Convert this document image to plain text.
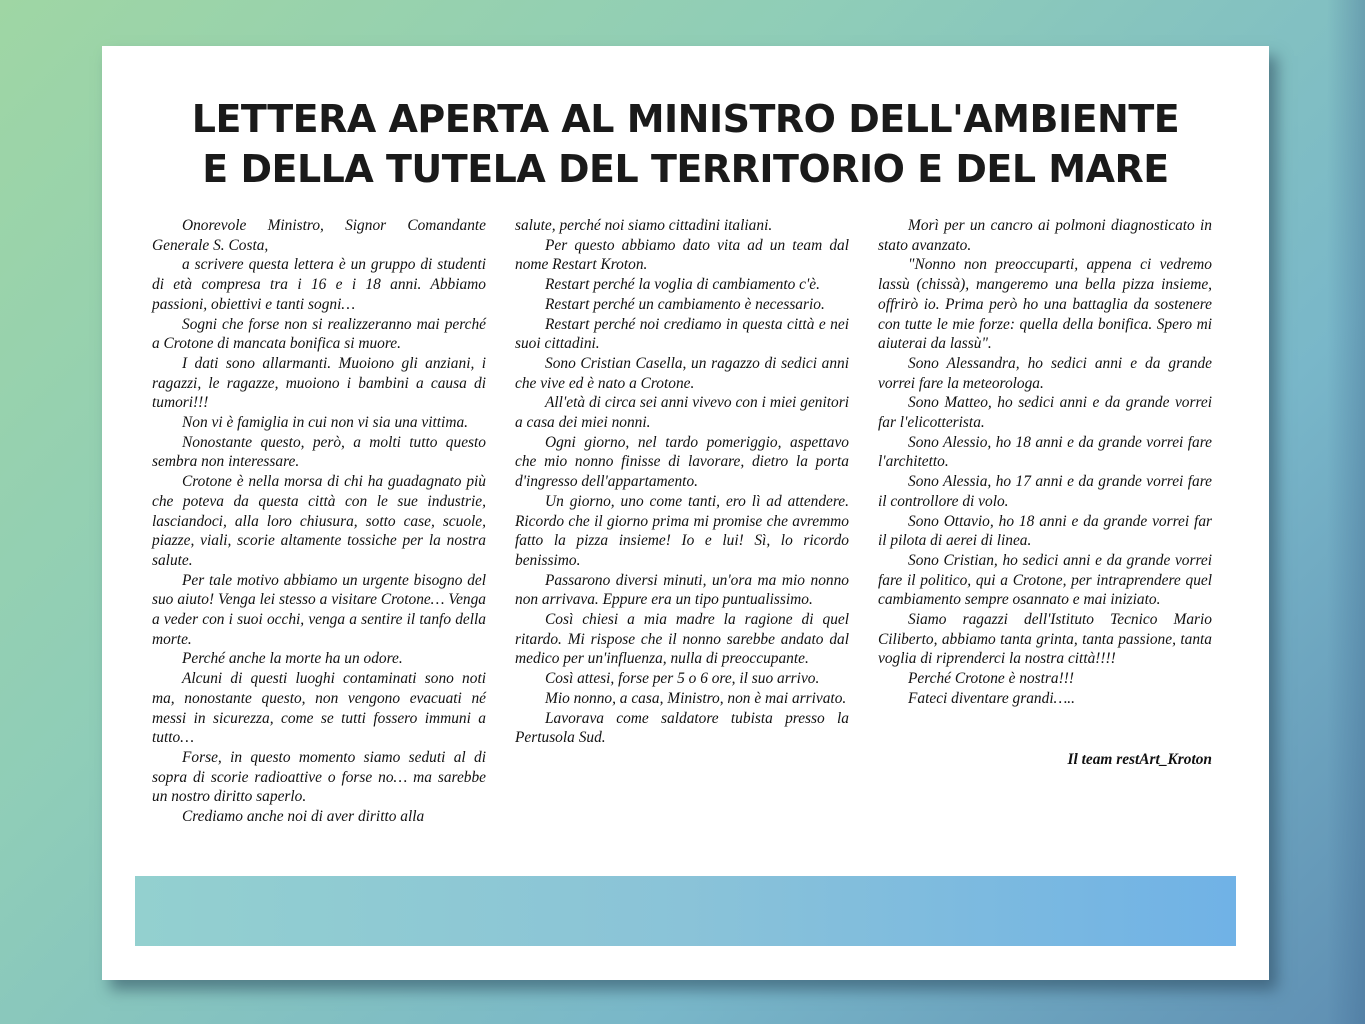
LETTERA APERTA AL MINISTRO DELL'AMBIENTE
E DELLA TUTELA DEL TERRITORIO E DEL MARE

Onorevole Ministro, Signor Comandante Generale S. Costa,

a scrivere questa lettera è un gruppo di studenti di età compresa tra i 16 e i 18 anni. Abbiamo passioni, obiettivi e tanti sogni…

Sogni che forse non si realizzeranno mai perché a Crotone di mancata bonifica si muore.

I dati sono allarmanti. Muoiono gli anziani, i ragazzi, le ragazze, muoiono i bambini a causa di tumori!!!

Non vi è famiglia in cui non vi sia una vittima.

Nonostante questo, però, a molti tutto questo sembra non interessare.

Crotone è nella morsa di chi ha guadagnato più che poteva da questa città con le sue industrie, lasciandoci, alla loro chiusura, sotto case, scuole, piazze, viali, scorie altamente tossiche per la nostra salute.

Per tale motivo abbiamo un urgente bisogno del suo aiuto! Venga lei stesso a visitare Crotone… Venga a veder con i suoi occhi, venga a sentire il tanfo della morte.

Perché anche la morte ha un odore.

Alcuni di questi luoghi contaminati sono noti ma, nonostante questo, non vengono evacuati né messi in sicurezza, come se tutti fossero immuni a tutto…

Forse, in questo momento siamo seduti al di sopra di scorie radioattive o forse no… ma sarebbe un nostro diritto saperlo.

Crediamo anche noi di aver diritto alla

salute, perché noi siamo cittadini italiani.

Per questo abbiamo dato vita ad un team dal nome Restart Kroton.

Restart perché la voglia di cambiamento c'è.

Restart perché un cambiamento è necessario.

Restart perché noi crediamo in questa città e nei suoi cittadini.

Sono Cristian Casella, un ragazzo di sedici anni che vive ed è nato a Crotone.

All'età di circa sei anni vivevo con i miei genitori a casa dei miei nonni.

Ogni giorno, nel tardo pomeriggio, aspettavo che mio nonno finisse di lavorare, dietro la porta d'ingresso dell'appartamento.

Un giorno, uno come tanti, ero lì ad attendere. Ricordo che il giorno prima mi promise che avremmo fatto la pizza insieme! Io e lui! Sì, lo ricordo benissimo.

Passarono diversi minuti, un'ora ma mio nonno non arrivava. Eppure era un tipo puntualissimo.

Così chiesi a mia madre la ragione di quel ritardo. Mi rispose che il nonno sarebbe andato dal medico per un'influenza, nulla di preoccupante.

Così attesi, forse per 5 o 6 ore, il suo arrivo.

Mio nonno, a casa, Ministro, non è mai arrivato.

Lavorava come saldatore tubista presso la Pertusola Sud.

Morì per un cancro ai polmoni diagnosticato in stato avanzato.

"Nonno non preoccuparti, appena ci vedremo lassù (chissà), mangeremo una bella pizza insieme, offrirò io. Prima però ho una battaglia da sostenere con tutte le mie forze: quella della bonifica. Spero mi aiuterai da lassù".

Sono Alessandra, ho sedici anni e da grande vorrei fare la meteorologa.

Sono Matteo, ho sedici anni e da grande vorrei far l'elicotterista.

Sono Alessio, ho 18 anni e da grande vorrei fare l'architetto.

Sono Alessia, ho 17 anni e da grande vorrei fare il controllore di volo.

Sono Ottavio, ho 18 anni e da grande vorrei far il pilota di aerei di linea.

Sono Cristian, ho sedici anni e da grande vorrei fare il politico, qui a Crotone, per intraprendere quel cambiamento sempre osannato e mai iniziato.

Siamo ragazzi dell'Istituto Tecnico Mario Ciliberto, abbiamo tanta grinta, tanta passione, tanta voglia di riprenderci la nostra città!!!!

Perché Crotone è nostra!!!

Fateci diventare grandi…..

Il team restArt_Kroton
